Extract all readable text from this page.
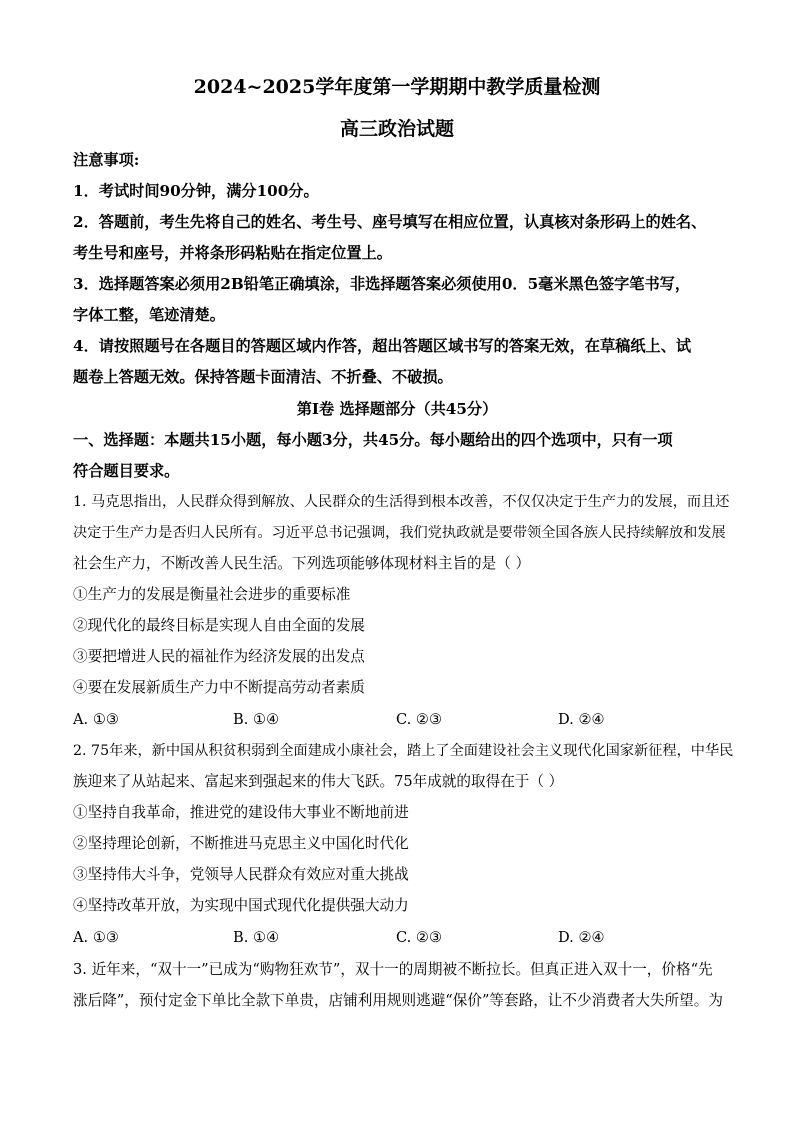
2024~2025学年度第一学期期中教学质量检测
高三政治试题
注意事项:
1．考试时间90分钟，满分100分。
2．答题前，考生先将自己的姓名、考生号、座号填写在相应位置，认真核对条形码上的姓名、
考生号和座号，并将条形码粘贴在指定位置上。
3．选择题答案必须用2B铅笔正确填涂，非选择题答案必须使用0．5毫米黑色签字笔书写，
字体工整，笔迹清楚。
4．请按照题号在各题目的答题区域内作答，超出答题区域书写的答案无效，在草稿纸上、试
题卷上答题无效。保持答题卡面清洁、不折叠、不破损。
第Ⅰ卷 选择题部分（共45分）
一、选择题：本题共15小题，每小题3分，共45分。每小题给出的四个选项中，只有一项
符合题目要求。
1. 马克思指出，人民群众得到解放、人民群众的生活得到根本改善，不仅仅决定于生产力的发展，而且还
决定于生产力是否归人民所有。习近平总书记强调，我们党执政就是要带领全国各族人民持续解放和发展
社会生产力，不断改善人民生活。下列选项能够体现材料主旨的是（ ）
①生产力的发展是衡量社会进步的重要标准
②现代化的最终目标是实现人自由全面的发展
③要把增进人民的福祉作为经济发展的出发点
④要在发展新质生产力中不断提高劳动者素质
A. ①③	B. ①④	C. ②③	D. ②④
2. 75年来，新中国从积贫积弱到全面建成小康社会，踏上了全面建设社会主义现代化国家新征程，中华民
族迎来了从站起来、富起来到强起来的伟大飞跃。75年成就的取得在于（ ）
①坚持自我革命，推进党的建设伟大事业不断地前进
②坚持理论创新，不断推进马克思主义中国化时代化
③坚持伟大斗争，党领导人民群众有效应对重大挑战
④坚持改革开放，为实现中国式现代化提供强大动力
A. ①③	B. ①④	C. ②③	D. ②④
3. 近年来，“双十一”已成为“购物狂欢节”，双十一的周期被不断拉长。但真正进入双十一，价格“先
涨后降”，预付定金下单比全款下单贵，店铺利用规则逃避“保价”等套路，让不少消费者大失所望。为
